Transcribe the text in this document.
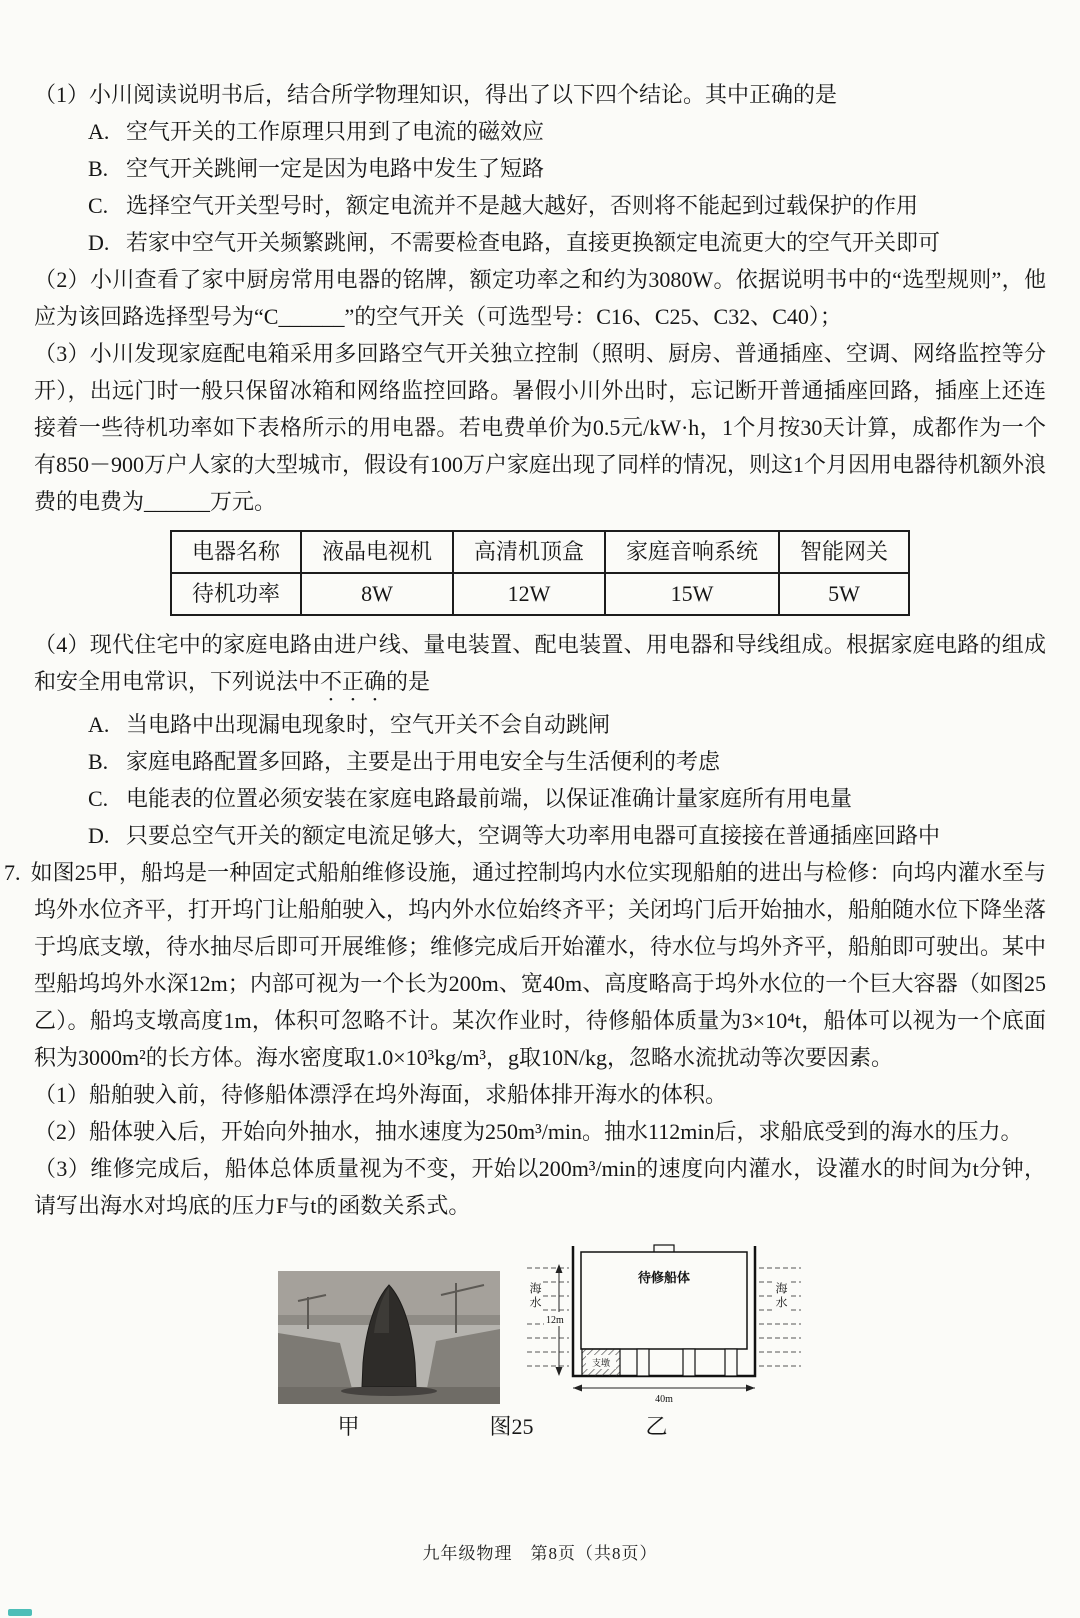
（1）小川阅读说明书后，结合所学物理知识，得出了以下四个结论。其中正确的是

A. 空气开关的工作原理只用到了电流的磁效应
B. 空气开关跳闸一定是因为电路中发生了短路
C. 选择空气开关型号时，额定电流并不是越大越好，否则将不能起到过载保护的作用
D. 若家中空气开关频繁跳闸，不需要检查电路，直接更换额定电流更大的空气开关即可

（2）小川查看了家中厨房常用电器的铭牌，额定功率之和约为3080W。依据说明书中的“选型规则”，他应为该回路选择型号为“C______”的空气开关（可选型号：C16、C25、C32、C40）；

（3）小川发现家庭配电箱采用多回路空气开关独立控制（照明、厨房、普通插座、空调、网络监控等分开），出远门时一般只保留冰箱和网络监控回路。暑假小川外出时，忘记断开普通插座回路，插座上还连接着一些待机功率如下表格所示的用电器。若电费单价为0.5元/kW·h，1个月按30天计算，成都作为一个有850－900万户人家的大型城市，假设有100万户家庭出现了同样的情况，则这1个月因用电器待机额外浪费的电费为______万元。

电器名称	液晶电视机	高清机顶盒	家庭音响系统	智能网关
待机功率	8W	12W	15W	5W

（4）现代住宅中的家庭电路由进户线、量电装置、配电装置、用电器和导线组成。根据家庭电路的组成和安全用电常识，下列说法中不正确的是

A. 当电路中出现漏电现象时，空气开关不会自动跳闸
B. 家庭电路配置多回路，主要是出于用电安全与生活便利的考虑
C. 电能表的位置必须安装在家庭电路最前端，以保证准确计量家庭所有用电量
D. 只要总空气开关的额定电流足够大，空调等大功率用电器可直接接在普通插座回路中

7. 如图25甲，船坞是一种固定式船舶维修设施，通过控制坞内水位实现船舶的进出与检修：向坞内灌水至与坞外水位齐平，打开坞门让船舶驶入，坞内外水位始终齐平；关闭坞门后开始抽水，船舶随水位下降坐落于坞底支墩，待水抽尽后即可开展维修；维修完成后开始灌水，待水位与坞外齐平，船舶即可驶出。某中型船坞坞外水深12m；内部可视为一个长为200m、宽40m、高度略高于坞外水位的一个巨大容器（如图25乙）。船坞支墩高度1m，体积可忽略不计。某次作业时，待修船体质量为3×10⁴t，船体可以视为一个底面积为3000m²的长方体。海水密度取1.0×10³kg/m³，g取10N/kg，忽略水流扰动等次要因素。

（1）船舶驶入前，待修船体漂浮在坞外海面，求船体排开海水的体积。

（2）船体驶入后，开始向外抽水，抽水速度为250m³/min。抽水112min后，求船底受到的海水的压力。

（3）维修完成后，船体总体质量视为不变，开始以200m³/min的速度向内灌水，设灌水的时间为t分钟，请写出海水对坞底的压力F与t的函数关系式。

海水	海水
12m
待修船体
支墩
40m
甲	图25	乙
九年级物理　第8页（共8页）
